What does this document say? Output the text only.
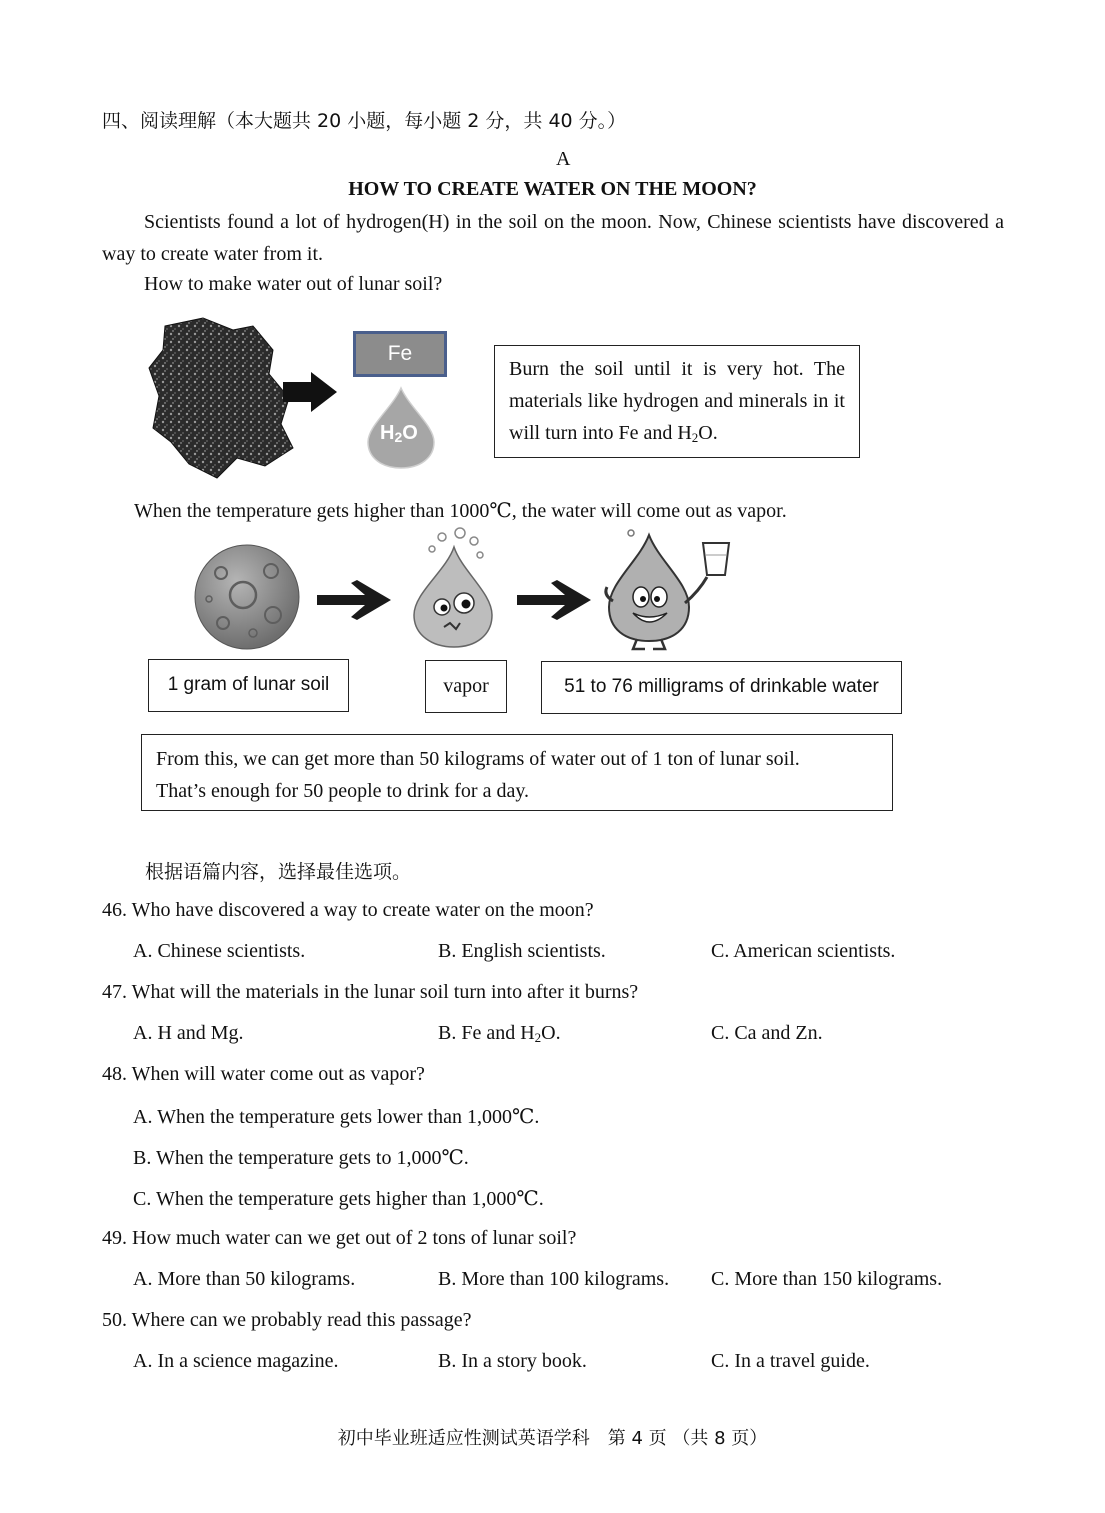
四、阅读理解（本大题共 20 小题，每小题 2 分，共 40 分。）
A
HOW TO CREATE WATER ON THE MOON?
Scientists found a lot of hydrogen(H) in the soil on the moon. Now, Chinese scientists have discovered a way to create water from it.
How to make water out of lunar soil?
Fe
$H_2O$
Burn the soil until it is very hot. The materials like hydrogen and minerals in it will turn into Fe and $H_2O$.
When the temperature gets higher than 1000℃, the water will come out as vapor.
1 gram of lunar soil	vapor	51 to 76 milligrams of drinkable water
From this, we can get more than 50 kilograms of water out of 1 ton of lunar soil.
That’s enough for 50 people to drink for a day.
根据语篇内容，选择最佳选项。
46. Who have discovered a way to create water on the moon?
A. Chinese scientists.	B. English scientists.	C. American scientists.
47. What will the materials in the lunar soil turn into after it burns?
A. H and Mg.	B. Fe and $H_2O$.	C. Ca and Zn.
48. When will water come out as vapor?
A. When the temperature gets lower than 1,000℃.
B. When the temperature gets to 1,000℃.
C. When the temperature gets higher than 1,000℃.
49. How much water can we get out of 2 tons of lunar soil?
A. More than 50 kilograms.	B. More than 100 kilograms. C. More than 150 kilograms.
50. Where can we probably read this passage?
A. In a science magazine.	B. In a story book.	C. In a travel guide.
初中毕业班适应性测试英语学科　第 4 页 （共 8 页）
